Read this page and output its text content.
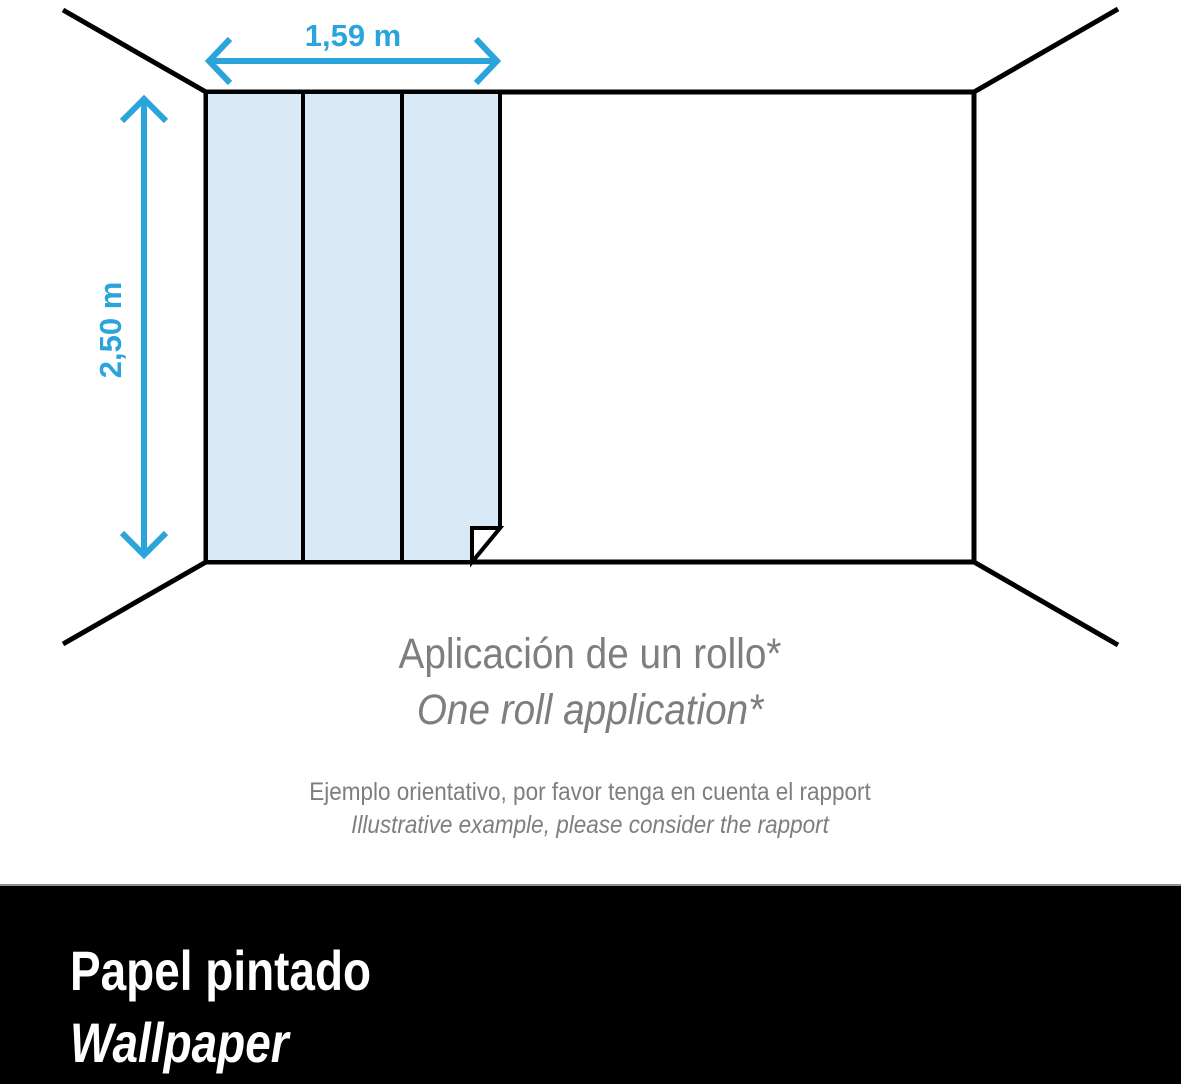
1,59 m
2,50 m
Aplicación de un rollo*
One roll application*
Ejemplo orientativo, por favor tenga en cuenta el rapport
Illustrative example, please consider the rapport
Papel pintado
Wallpaper
